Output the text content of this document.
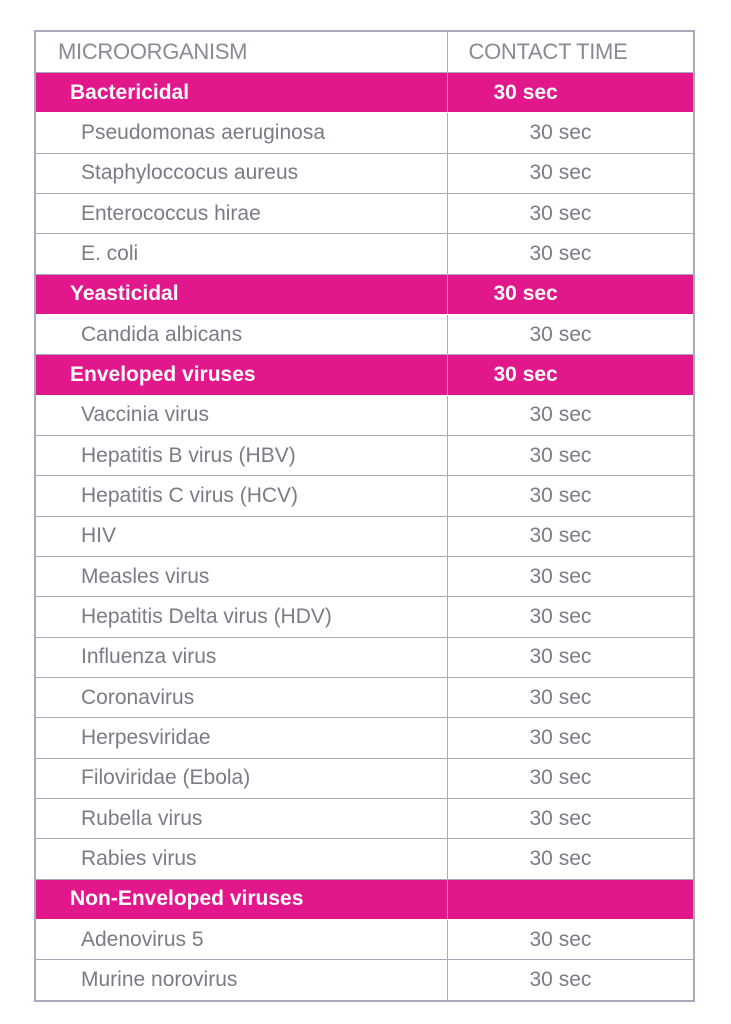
MICROORGANISM	CONTACT TIME
Bactericidal	30 sec
Pseudomonas aeruginosa	30 sec
Staphyloccocus aureus	30 sec
Enterococcus hirae	30 sec
E. coli	30 sec
Yeasticidal	30 sec
Candida albicans	30 sec
Enveloped viruses	30 sec
Vaccinia virus	30 sec
Hepatitis B virus (HBV)	30 sec
Hepatitis C virus (HCV)	30 sec
HIV	30 sec
Measles virus	30 sec
Hepatitis Delta virus (HDV)	30 sec
Influenza virus	30 sec
Coronavirus	30 sec
Herpesviridae	30 sec
Filoviridae (Ebola)	30 sec
Rubella virus	30 sec
Rabies virus	30 sec
Non-Enveloped viruses	
Adenovirus 5	30 sec
Murine norovirus	30 sec
